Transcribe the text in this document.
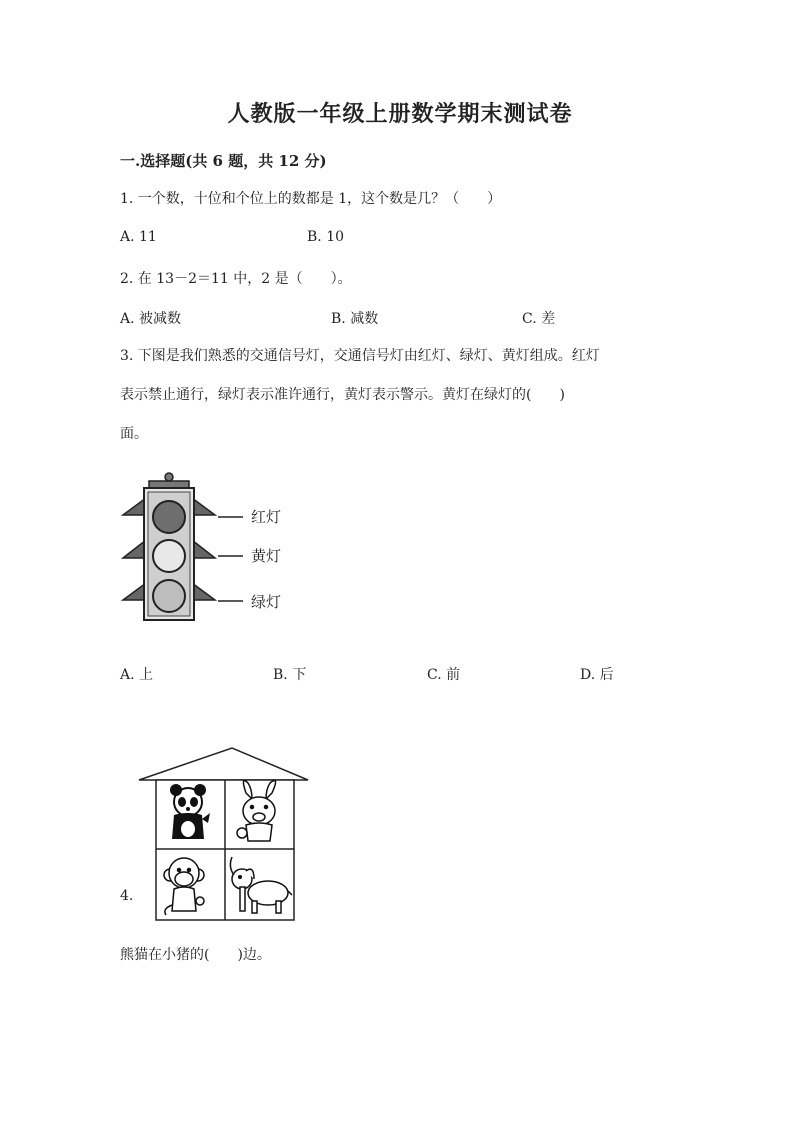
人教版一年级上册数学期末测试卷
一.选择题(共 6 题，共 12 分)
1. 一个数，十位和个位上的数都是 1，这个数是几？（　　）
A. 11	B. 10
2. 在 13－2＝11 中，2 是（　　）。
A. 被减数	B. 减数	C. 差
3. 下图是我们熟悉的交通信号灯，交通信号灯由红灯、绿灯、黄灯组成。红灯
表示禁止通行，绿灯表示准许通行，黄灯表示警示。黄灯在绿灯的(　　)
面。
红灯
黄灯
绿灯
A. 上	B. 下	C. 前	D. 后
4.
熊猫在小猪的(　　)边。
